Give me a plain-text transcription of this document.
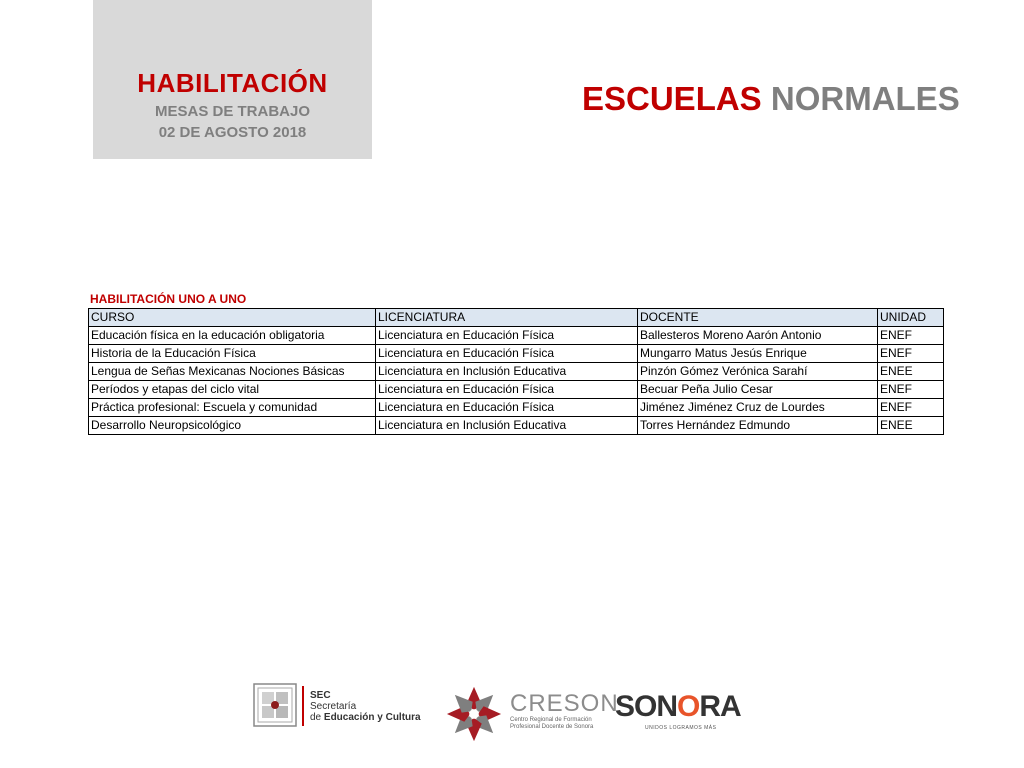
HABILITACIÓN
MESAS DE TRABAJO
02 DE AGOSTO 2018
ESCUELAS NORMALES
HABILITACIÓN UNO A UNO
CURSO	LICENCIATURA	DOCENTE	UNIDAD
Educación física en la educación obligatoria	Licenciatura en Educación Física	Ballesteros Moreno Aarón Antonio	ENEF
Historia de la Educación Física	Licenciatura en Educación Física	Mungarro Matus Jesús Enrique	ENEF
Lengua de Señas Mexicanas Nociones Básicas	Licenciatura en Inclusión Educativa	Pinzón Gómez Verónica Sarahí	ENEE
Períodos y etapas del ciclo vital	Licenciatura en Educación Física	Becuar Peña Julio Cesar	ENEF
Práctica profesional: Escuela y comunidad	Licenciatura en Educación Física	Jiménez Jiménez Cruz de Lourdes	ENEF
Desarrollo Neuropsicológico	Licenciatura en Inclusión Educativa	Torres Hernández Edmundo	ENEE
SEC
Secretaría
de Educación y Cultura
CRESON
Centro Regional de Formación
Profesional Docente de Sonora
SONORA
UNIDOS LOGRAMOS MÁS
